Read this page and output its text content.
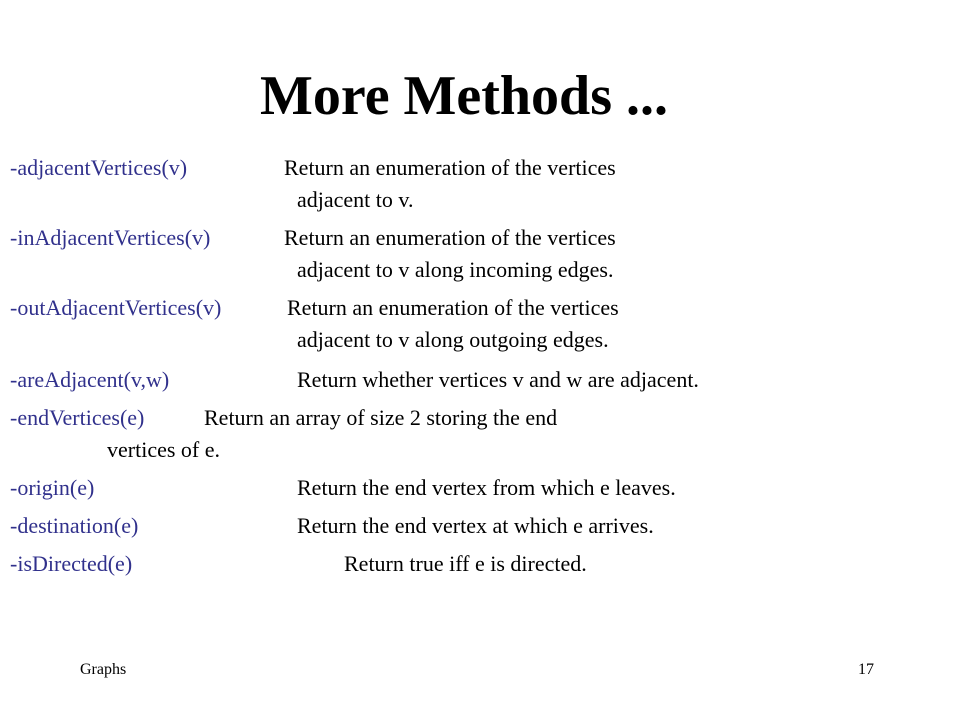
More Methods ...
-adjacentVertices(v)	Return an enumeration of the vertices
adjacent to v.
-inAdjacentVertices(v)	Return an enumeration of the vertices
adjacent to v along incoming edges.
-outAdjacentVertices(v)	Return an enumeration of the vertices
adjacent to v along outgoing edges.
-areAdjacent(v,w)	Return whether vertices v and w are adjacent.
-endVertices(e)	Return an array of size 2 storing the end
vertices of e.
-origin(e)	Return the end vertex from which e leaves.
-destination(e)	Return the end vertex at which e arrives.
-isDirected(e)	Return true iff e is directed.
Graphs	17
